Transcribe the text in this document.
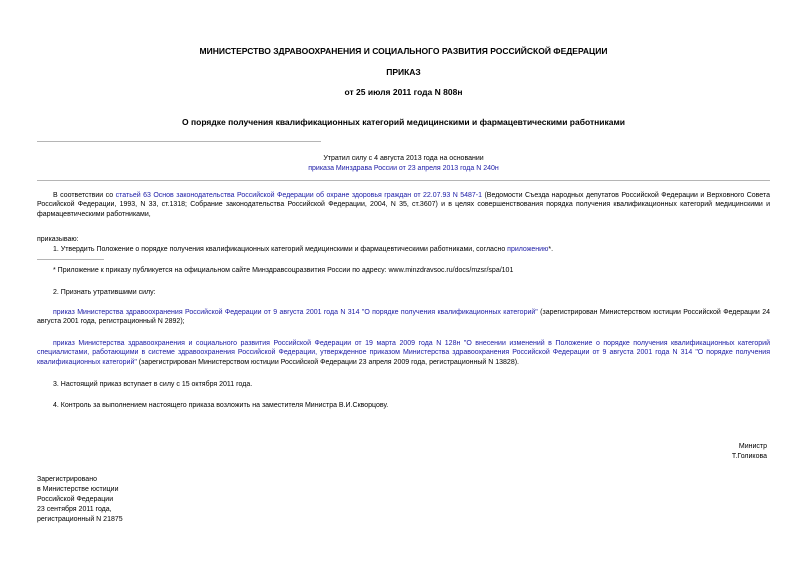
МИНИСТЕРСТВО ЗДРАВООХРАНЕНИЯ И СОЦИАЛЬНОГО РАЗВИТИЯ РОССИЙСКОЙ ФЕДЕРАЦИИ
ПРИКАЗ
от 25 июля 2011 года N 808н
О порядке получения квалификационных категорий медицинскими и фармацевтическими работниками
Утратил силу с 4 августа 2013 года на основании
приказа Минздрава России от 23 апреля 2013 года N 240н
В соответствии со статьей 63 Основ законодательства Российской Федерации об охране здоровья граждан от 22.07.93 N 5487-1 (Ведомости Съезда народных депутатов Российской Федерации и Верховного Совета Российской Федерации, 1993, N 33, ст.1318; Собрание законодательства Российской Федерации, 2004, N 35, ст.3607) и в целях совершенствования порядка получения квалификационных категорий медицинскими и фармацевтическими работниками,
приказываю:
1. Утвердить Положение о порядке получения квалификационных категорий медицинскими и фармацевтическими работниками, согласно приложению*.
* Приложение к приказу публикуется на официальном сайте Минздравсоцразвития России по адресу: www.minzdravsoc.ru/docs/mzsr/spa/101
2. Признать утратившими силу:
приказ Министерства здравоохранения Российской Федерации от 9 августа 2001 года N 314 "О порядке получения квалификационных категорий" (зарегистрирован Министерством юстиции Российской Федерации 24 августа 2001 года, регистрационный N 2892);
приказ Министерства здравоохранения и социального развития Российской Федерации от 19 марта 2009 года N 128н "О внесении изменений в Положение о порядке получения квалификационных категорий специалистами, работающими в системе здравоохранения Российской Федерации, утвержденное приказом Министерства здравоохранения Российской Федерации от 9 августа 2001 года N 314 "О порядке получения квалификационных категорий" (зарегистрирован Министерством юстиции Российской Федерации 23 апреля 2009 года, регистрационный N 13828).
3. Настоящий приказ вступает в силу с 15 октября 2011 года.
4. Контроль за выполнением настоящего приказа возложить на заместителя Министра В.И.Скворцову.
Министр
Т.Голикова
Зарегистрировано
в Министерстве юстиции
Российской Федерации
23 сентября 2011 года,
регистрационный N 21875
